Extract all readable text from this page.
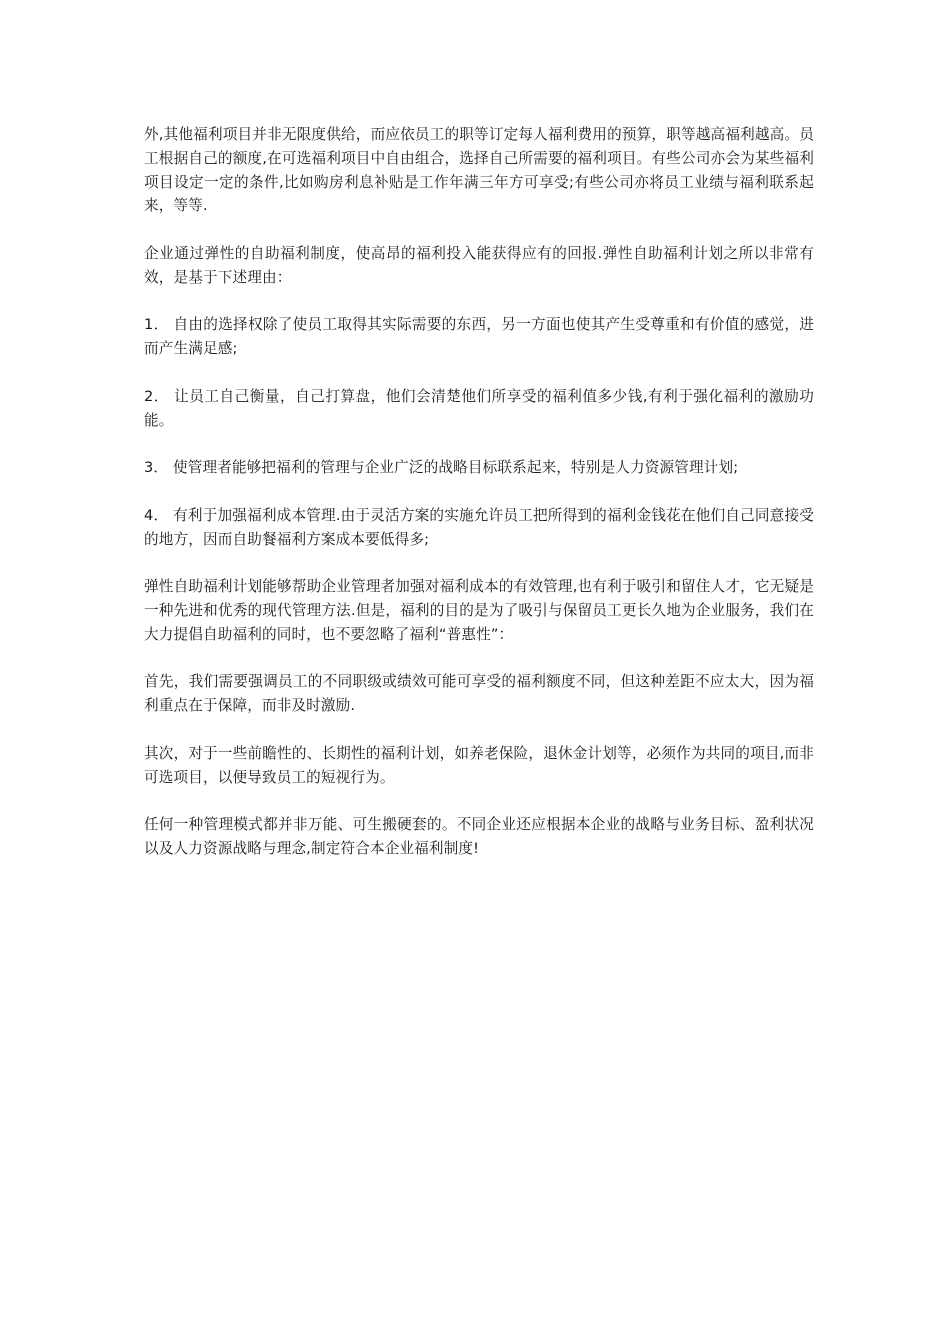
外,其他福利项目并非无限度供给，而应依员工的职等订定每人福利费用的预算，职等越高福利越高。员工根据自己的额度,在可选福利项目中自由组合，选择自己所需要的福利项目。有些公司亦会为某些福利项目设定一定的条件,比如购房利息补贴是工作年满三年方可享受;有些公司亦将员工业绩与福利联系起来，等等.

企业通过弹性的自助福利制度，使高昂的福利投入能获得应有的回报.弹性自助福利计划之所以非常有效，是基于下述理由：

1． 自由的选择权除了使员工取得其实际需要的东西，另一方面也使其产生受尊重和有价值的感觉，进而产生满足感;

2． 让员工自己衡量，自己打算盘，他们会清楚他们所享受的福利值多少钱,有利于强化福利的激励功能。

3． 使管理者能够把福利的管理与企业广泛的战略目标联系起来，特别是人力资源管理计划;

4． 有利于加强福利成本管理.由于灵活方案的实施允许员工把所得到的福利金钱花在他们自己同意接受的地方，因而自助餐福利方案成本要低得多;

弹性自助福利计划能够帮助企业管理者加强对福利成本的有效管理,也有利于吸引和留住人才，它无疑是一种先进和优秀的现代管理方法.但是，福利的目的是为了吸引与保留员工更长久地为企业服务，我们在大力提倡自助福利的同时，也不要忽略了福利“普惠性”：

首先，我们需要强调员工的不同职级或绩效可能可享受的福利额度不同，但这种差距不应太大，因为福利重点在于保障，而非及时激励.

其次，对于一些前瞻性的、长期性的福利计划，如养老保险，退休金计划等，必须作为共同的项目,而非可选项目，以便导致员工的短视行为。

任何一种管理模式都并非万能、可生搬硬套的。不同企业还应根据本企业的战略与业务目标、盈利状况以及人力资源战略与理念,制定符合本企业福利制度!
